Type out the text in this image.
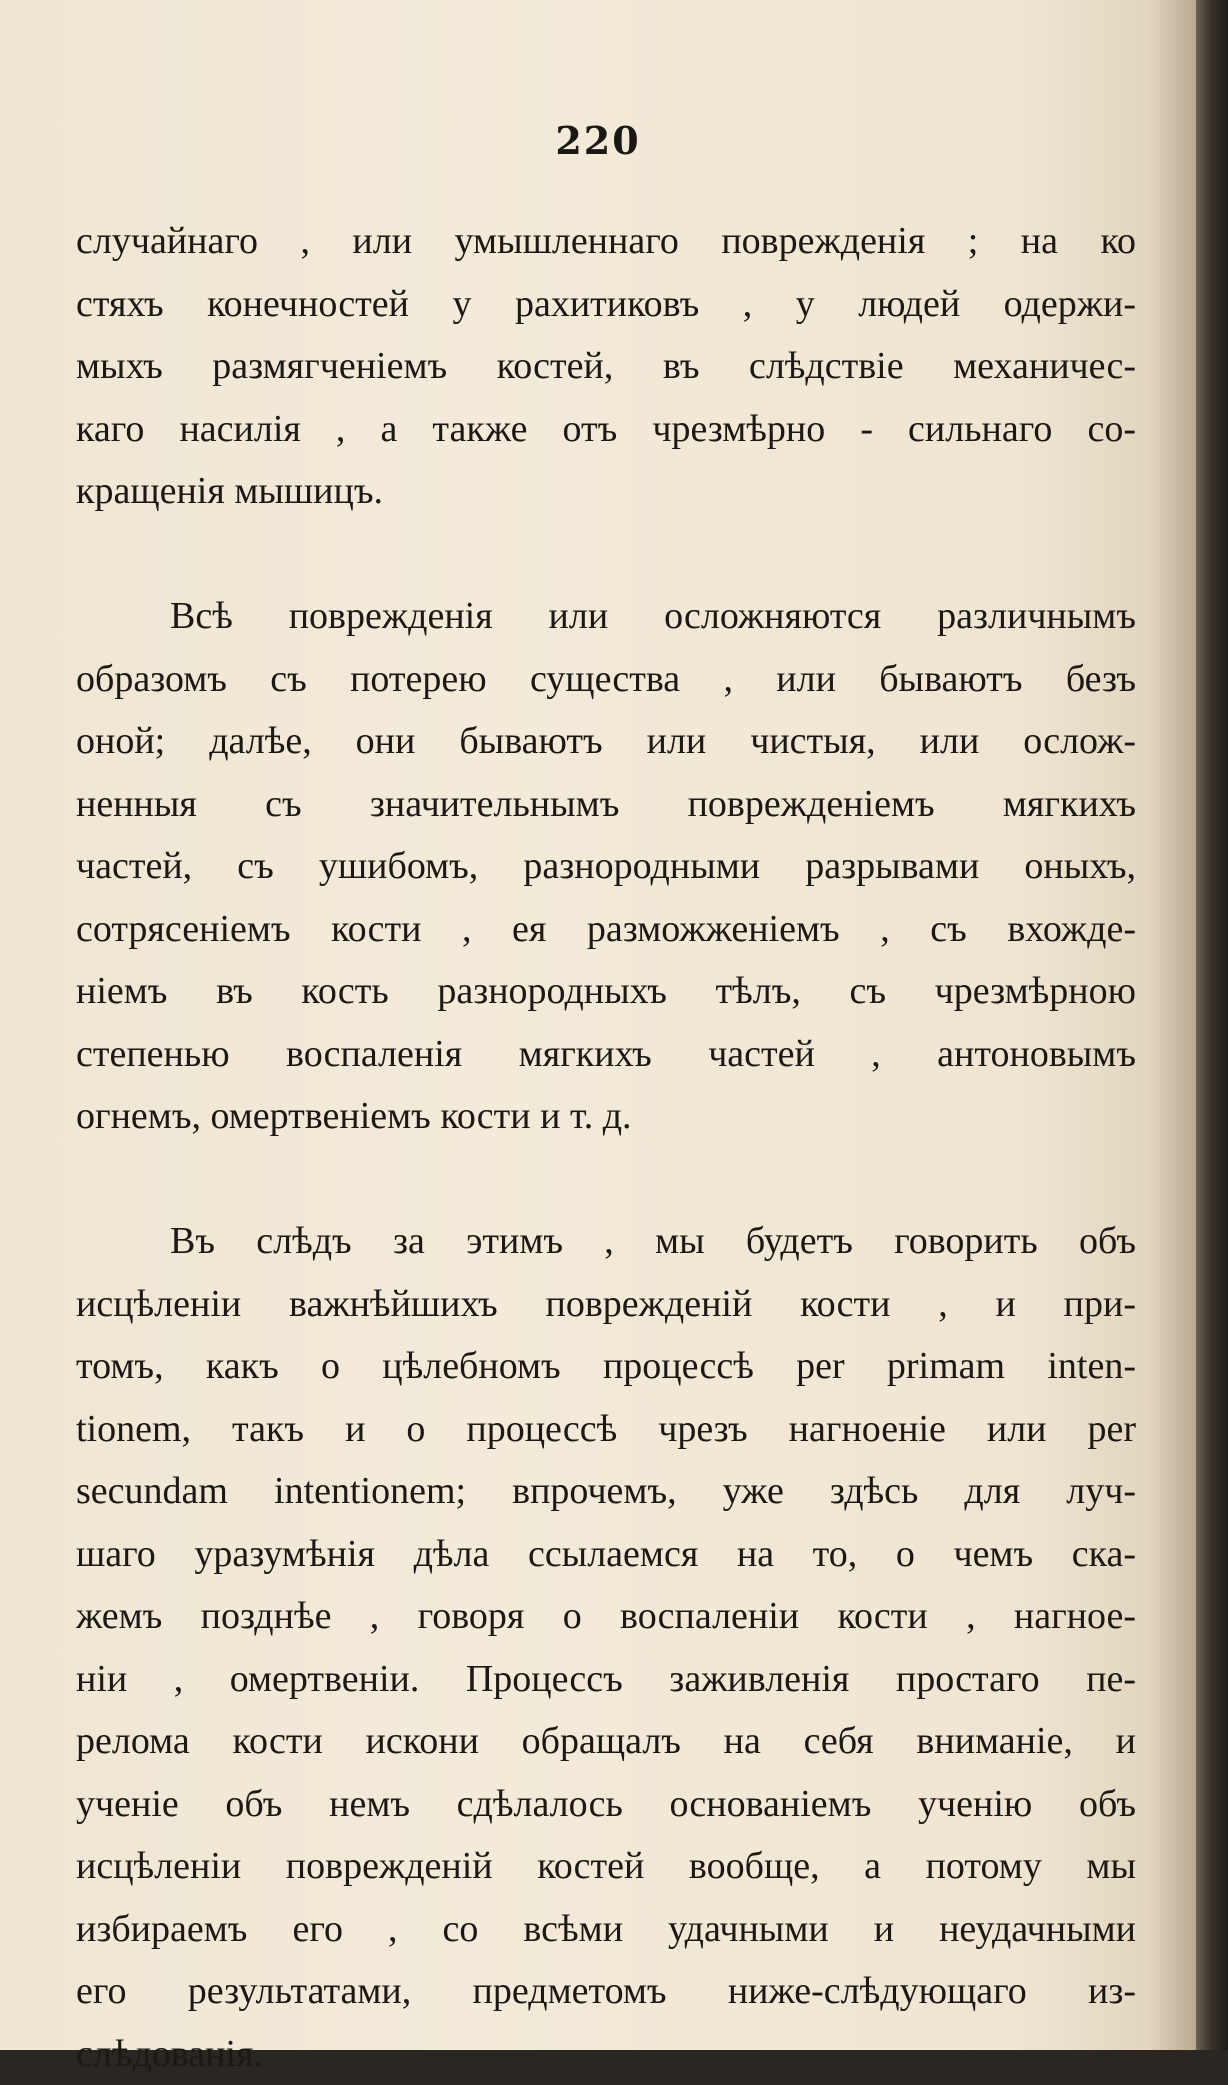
220
случайнаго , или умышленнаго поврежденія ; на ко
стяхъ конечностей у рахитиковъ , у людей одержи-
мыхъ размягченіемъ костей, въ слѣдствіе механичес-
каго насилія , а также отъ чрезмѣрно - сильнаго со-
кращенія мышицъ.
Всѣ поврежденія или осложняются различнымъ
образомъ съ потерею существа , или бываютъ безъ
оной; далѣе, они бываютъ или чистыя, или ослож-
ненныя съ значительнымъ поврежденіемъ мягкихъ
частей, съ ушибомъ, разнородными разрывами оныхъ,
сотрясеніемъ кости , ея разможженіемъ , съ вхожде-
ніемъ въ кость разнородныхъ тѣлъ, съ чрезмѣрною
степенью воспаленія мягкихъ частей , антоновымъ
огнемъ, омертвеніемъ кости и т. д.
Въ слѣдъ за этимъ , мы будетъ говорить объ
исцѣленіи важнѣйшихъ поврежденій кости , и при-
томъ, какъ о цѣлебномъ процессѣ per primam inten-
tionem, такъ и о процессѣ чрезъ нагноеніе или per
secundam intentionem; впрочемъ, уже здѣсь для луч-
шаго уразумѣнія дѣла ссылаемся на то, о чемъ ска-
жемъ позднѣе , говоря о воспаленіи кости , нагное-
ніи , омертвеніи. Процессъ заживленія простаго пе-
релома кости искони обращалъ на себя вниманіе, и
ученіе объ немъ сдѣлалось основаніемъ ученію объ
исцѣленіи поврежденій костей вообще, а потому мы
избираемъ его , со всѣми удачными и неудачными
его результатами, предметомъ ниже-слѣдующаго из-
слѣдованія.
